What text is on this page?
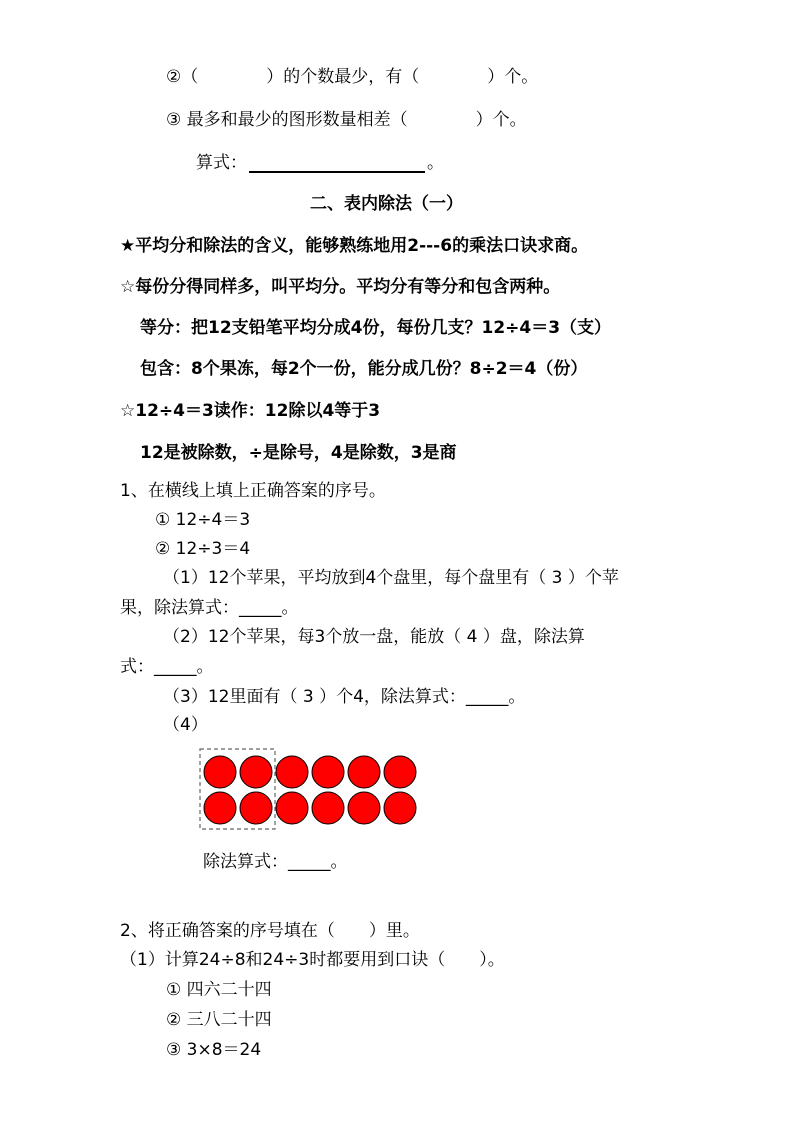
②（　　　　）的个数最少，有（　　　　）个。
③ 最多和最少的图形数量相差（　　　　）个。
算式：	。
二、表内除法（一）
★平均分和除法的含义，能够熟练地用2---6的乘法口诀求商。
☆每份分得同样多，叫平均分。平均分有等分和包含两种。
等分：把12支铅笔平均分成4份，每份几支？12÷4＝3（支）
包含：8个果冻，每2个一份，能分成几份？8÷2＝4（份）
☆12÷4＝3读作：12除以4等于3
12是被除数，÷是除号，4是除数，3是商
1、在横线上填上正确答案的序号。
① 12÷4＝3
② 12÷3＝4
（1）12个苹果，平均放到4个盘里，每个盘里有（ 3 ）个苹
果，除法算式：_____。
（2）12个苹果，每3个放一盘，能放（ 4 ）盘，除法算
式：_____。
（3）12里面有（ 3 ）个4，除法算式：_____。
（4）
除法算式：_____。
2、将正确答案的序号填在（　　）里。
（1）计算24÷8和24÷3时都要用到口诀（　　）。
① 四六二十四
② 三八二十四
③ 3×8＝24
